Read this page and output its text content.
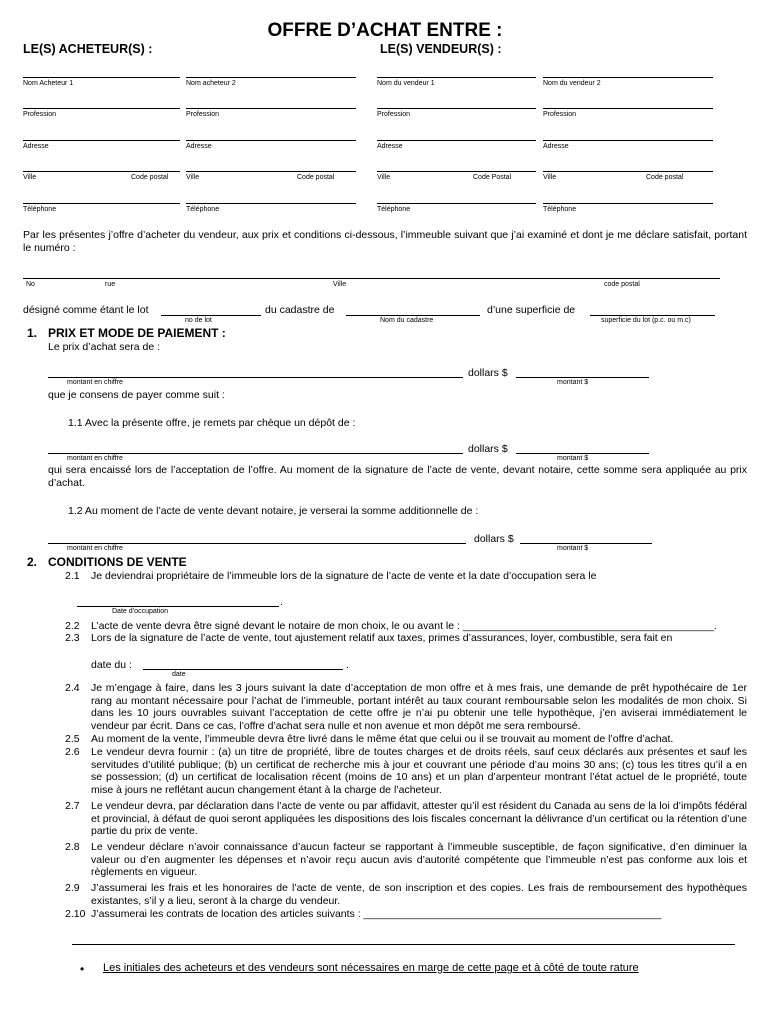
OFFRE D’ACHAT ENTRE :
LE(S) ACHETEUR(S) :	LE(S) VENDEUR(S) :
Nom Acheteur 1
Profession
Adresse
Ville	Code postal
Téléphone
Nom acheteur 2
Profession
Adresse
Ville	Code postal
Téléphone
Nom du vendeur 1
Profession
Adresse
Ville	Code Postal
Téléphone
Nom du vendeur 2
Profession
Adresse
Ville	Code postal
Téléphone
Par les présentes j’offre d’acheter du vendeur, aux prix et conditions ci-dessous, l’immeuble suivant que j’ai examiné et dont je me déclare satisfait, portant le numéro :
No	rue	Ville	code postal
désigné comme étant le lot	du cadastre de	d’une superficie de
no de lot	Nom du cadastre	superficie du lot (p.c. ou m.c)
1. PRIX ET MODE DE PAIEMENT :
Le prix d’achat sera de :
dollars $
montant en chiffre	montant $
que je consens de payer comme suit :
1.1 Avec la présente offre, je remets par chèque un dépôt de :
dollars $
montant en chiffre	montant $
qui sera encaissé lors de l’acceptation de l’offre. Au moment de la signature de l’acte de vente, devant notaire, cette somme sera appliquée au prix d’achat.
1.2 Au moment de l’acte de vente devant notaire, je verserai la somme additionnelle de :
dollars $
montant en chiffre	montant $
2. CONDITIONS DE VENTE
2.1 Je deviendrai propriétaire de l’immeuble lors de la signature de l’acte de vente et la date d’occupation sera le
.
Date d’occupation
2.2 L’acte de vente devra être signé devant le notaire de mon choix, le ou avant le : ___________________________________________.
2.3 Lors de la signature de l’acte de vente, tout ajustement relatif aux taxes, primes d’assurances, loyer, combustible, sera fait en
date du :	.
date
2.4 Je m’engage à faire, dans les 3 jours suivant la date d’acceptation de mon offre et à mes frais, une demande de prêt hypothécaire de 1er rang au montant nécessaire pour l’achat de l’immeuble, portant intérêt au taux courant remboursable selon les modalités de mon choix. Si dans les 10 jours ouvrables suivant l’acceptation de cette offre je n’ai pu obtenir une telle hypothèque, j’en aviserai immédiatement le vendeur par écrit. Dans ce cas, l’offre d’achat sera nulle et non avenue et mon dépôt me sera remboursé.
2.5 Au moment de la vente, l’immeuble devra être livré dans le même état que celui ou il se trouvait au moment de l’offre d’achat.
2.6 Le vendeur devra fournir : (a) un titre de propriété, libre de toutes charges et de droits réels, sauf ceux déclarés aux présentes et sauf les servitudes d’utilité publique; (b) un certificat de recherche mis à jour et couvrant une période d’au moins 30 ans; (c) tous les titres qu’il a en se possession; (d) un certificat de localisation récent (moins de 10 ans) et un plan d’arpenteur montrant l’état actuel de le propriété, toute mise à jours ne reflétant aucun changement étant à la charge de l’acheteur.
2.7 Le vendeur devra, par déclaration dans l’acte de vente ou par affidavit, attester qu’il est résident du Canada au sens de la loi d’impôts fédéral et provincial, à défaut de quoi seront appliquées les dispositions des lois fiscales concernant la délivrance d’un certificat ou la rétention d’une partie du prix de vente.
2.8 Le vendeur déclare n’avoir connaissance d’aucun facteur se rapportant à l’immeuble susceptible, de façon significative, d’en diminuer la valeur ou d’en augmenter les dépenses et n’avoir reçu aucun avis d’autorité compétente que l’immeuble n’est pas conforme aux lois et règlements en vigueur.
2.9 J’assumerai les frais et les honoraires de l’acte de vente, de son inscription et des copies. Les frais de remboursement des hypothèques existantes, s’il y a lieu, seront à la charge du vendeur.
2.10 J’assumerai les contrats de location des articles suivants : ___________________________________________________
• Les initiales des acheteurs et des vendeurs sont nécessaires en marge de cette page et à côté de toute rature
